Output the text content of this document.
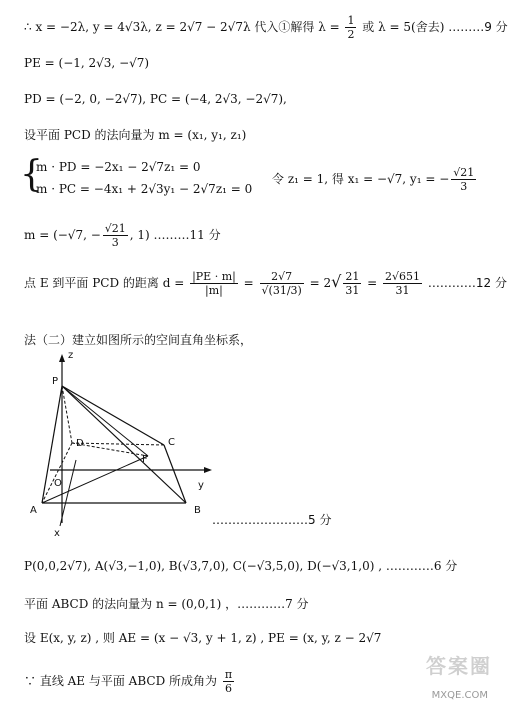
∴ x = −2λ, y = 4√3λ, z = 2√7 − 2√7λ 代入①解得 $\lambda = \frac{1}{2}$ 或 λ = 5(舍去) ………9 分
PE = (−1, 2√3, −√7)
PD = (−2, 0, −2√7), PC = (−4, 2√3, −2√7),
设平面 PCD 的法向量为 m = (x₁, y₁, z₁)
{
m · PD = −2x₁ − 2√7z₁ = 0
m · PC = −4x₁ + 2√3y₁ − 2√7z₁ = 0
令 z₁ = 1, 得 x₁ = −√7, y₁ = − $\frac{√21}{3}$
m = (−√7, − $\frac{√21}{3}$ , 1) ………11 分
点 E 到平面 PCD 的距离 $d = \frac{|PE \cdot m|}{|m|} = \frac{2√7}{√(31/3)} = 2√ \frac{21}{31} = \frac{2√651}{31}$ …………12 分
法（二）建立如图所示的空间直角坐标系，
z
P
D	C
F
O	y
A	B
x
……………………5 分
P(0,0,2√7), A(√3,−1,0), B(√3,7,0), C(−√3,5,0), D(−√3,1,0) , …………6 分
平面 ABCD 的法向量为 n = (0,0,1) ，…………7 分
设 E(x, y, z) , 则 AE = (x − √3, y + 1, z) , PE = (x, y, z − 2√7
∵ 直线 AE 与平面 ABCD 所成角为 $\frac{\pi}{6}$
答案圈
MXQE.COM
